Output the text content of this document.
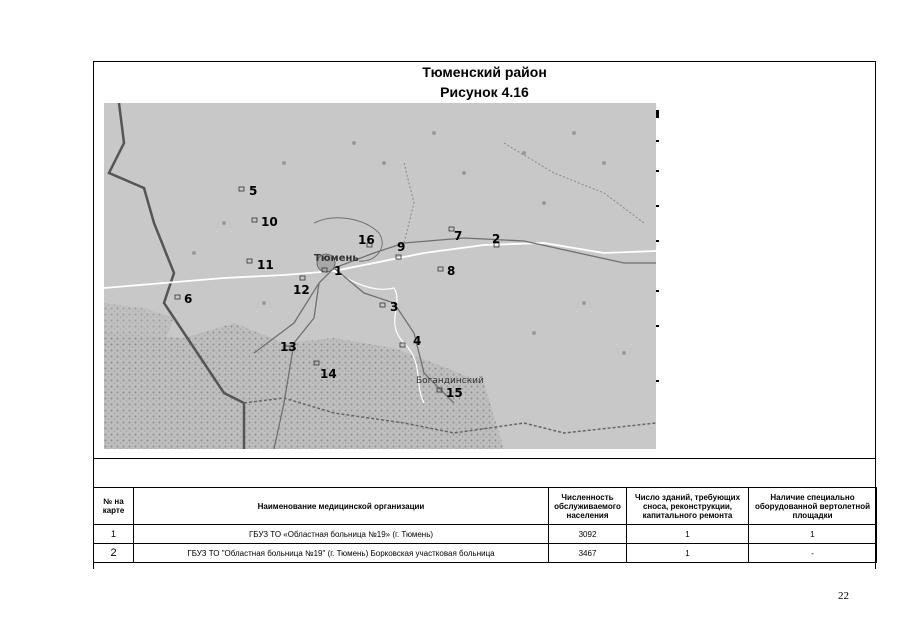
Тюменский район
Рисунок 4.16
1
2
3
4
5
6
7
8
9
10
11
12
13
14
15
16
Тюмень
Богандинский
№ на карте	Наименование медицинской организации	Численность обслуживаемого населения	Число зданий, требующих сноса, реконструкции, капитального ремонта	Наличие специально оборудованной вертолетной площадки
1	ГБУЗ ТО «Областная больница №19» (г. Тюмень)	3092	1	1
2	ГБУЗ ТО "Областная больница №19" (г. Тюмень) Борковская участковая больница	3467	1	-
22
